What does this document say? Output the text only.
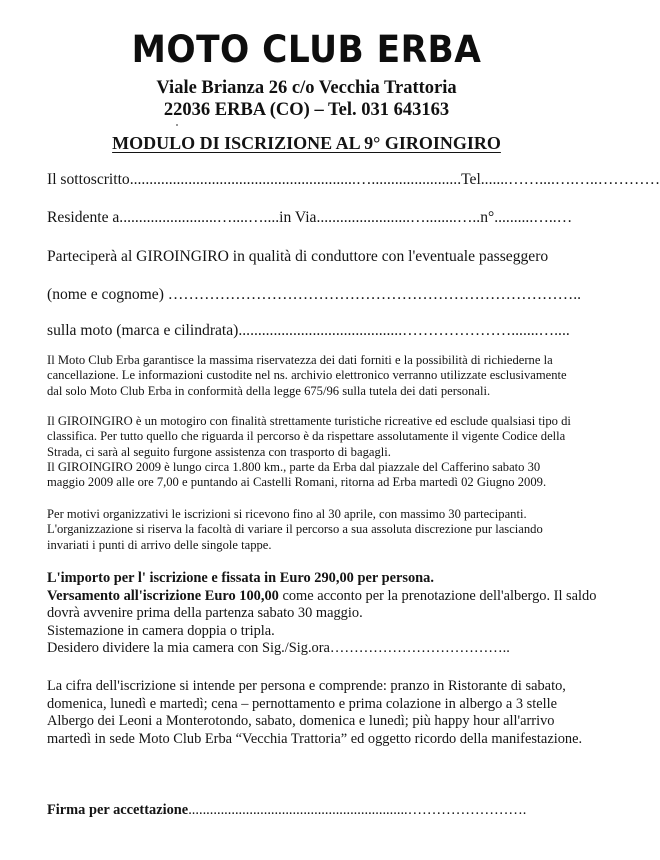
MOTO CLUB ERBA
Viale Brianza 26 c/o Vecchia Trattoria
22036 ERBA (CO) – Tel. 031 643163
MODULO DI ISCRIZIONE AL 9° GIROINGIRO
Il sottoscritto..........................................................….......................Tel.......……....….…..…………
Residente a.........................…....…....in Via........................…........…..n°..........…..…
Parteciperà al GIROINGIRO in qualità di conduttore con l'eventuale passeggero
(nome e cognome) ……………………………………………………………………..
sulla moto (marca e cilindrata)..........................................………………….......…....

Il Moto Club Erba garantisce la massima riservatezza dei dati forniti e la possibilità di richiederne la cancellazione. Le informazioni custodite nel ns. archivio elettronico verranno utilizzate esclusivamente dal solo Moto Club Erba in conformità della legge 675/96 sulla tutela dei dati personali.

Il GIROINGIRO è un motogiro con finalità strettamente turistiche ricreative ed esclude qualsiasi tipo di classifica. Per tutto quello che riguarda il percorso è da rispettare assolutamente il vigente Codice della Strada, ci sarà al seguito furgone assistenza con trasporto di bagagli.

Il GIROINGIRO 2009 è lungo circa 1.800 km., parte da Erba dal piazzale del Cafferino sabato 30 maggio 2009 alle ore 7,00 e puntando ai Castelli Romani, ritorna ad Erba martedì 02 Giugno 2009.

Per motivi organizzativi le iscrizioni si ricevono fino al 30 aprile, con massimo 30 partecipanti. L'organizzazione si riserva la facoltà di variare il percorso a sua assoluta discrezione pur lasciando invariati i punti di arrivo delle singole tappe.

L'importo per l' iscrizione e fissata in Euro 290,00 per persona.

Versamento all'iscrizione Euro 100,00 come acconto per la prenotazione dell'albergo. Il saldo dovrà avvenire prima della partenza sabato 30 maggio.

Sistemazione in camera doppia o tripla.

Desidero dividere la mia camera con Sig./Sig.ora………………………………..

La cifra dell'iscrizione si intende per persona e comprende: pranzo in Ristorante di sabato, domenica, lunedì e martedì; cena – pernottamento e prima colazione in albergo a 3 stelle Albergo dei Leoni a Monterotondo, sabato, domenica e lunedì; più happy hour all'arrivo martedì in sede Moto Club Erba “Vecchia Trattoria” ed oggetto ricordo della manifestazione.

Firma per accettazione.............................................................…………………….
